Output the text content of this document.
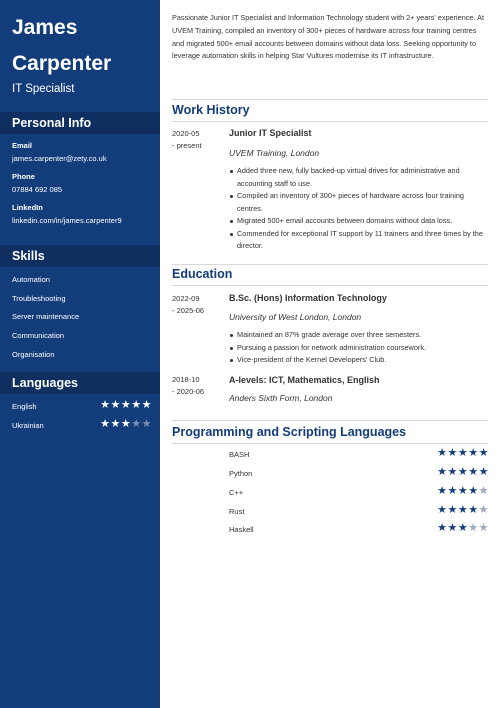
James
Carpenter
IT Specialist
Personal Info
Email
james.carpenter@zety.co.uk
Phone
07884 692 085
LinkedIn
linkedin.com/in/james.carpenter9
Skills
Automation
Troubleshooting
Server maintenance
Communication
Organisation
Languages
English	★★★★★
Ukrainian	★★★★★
Passionate Junior IT Specialist and Information Technology student with 2+ years' experience. At UVEM Training, compiled an inventory of 300+ pieces of hardware across four training centres and migrated 500+ email accounts between domains without data loss. Seeking opportunity to leverage automation skills in helping Star Vultures modernise its IT infrastructure.
Work History
2020-05
- present
Junior IT Specialist
UVEM Training, London
Added three new, fully backed-up virtual drives for administrative and accounting staff to use.
Compiled an inventory of 300+ pieces of hardware across four training centres.
Migrated 500+ email accounts between domains without data loss.
Commended for exceptional IT support by 11 trainers and three times by the director.
Education
2022-09
- 2025-06
B.Sc. (Hons) Information Technology
University of West London, London
Maintained an 87% grade average over three semesters.
Pursuing a passion for network administration coursework.
Vice-president of the Kernel Developers' Club.
2018-10
- 2020-06
A-levels: ICT, Mathematics, English
Anders Sixth Form, London
Programming and Scripting Languages
BASH	★★★★★
Python	★★★★★
C++	★★★★★
Rust	★★★★★
Haskell	★★★★★
